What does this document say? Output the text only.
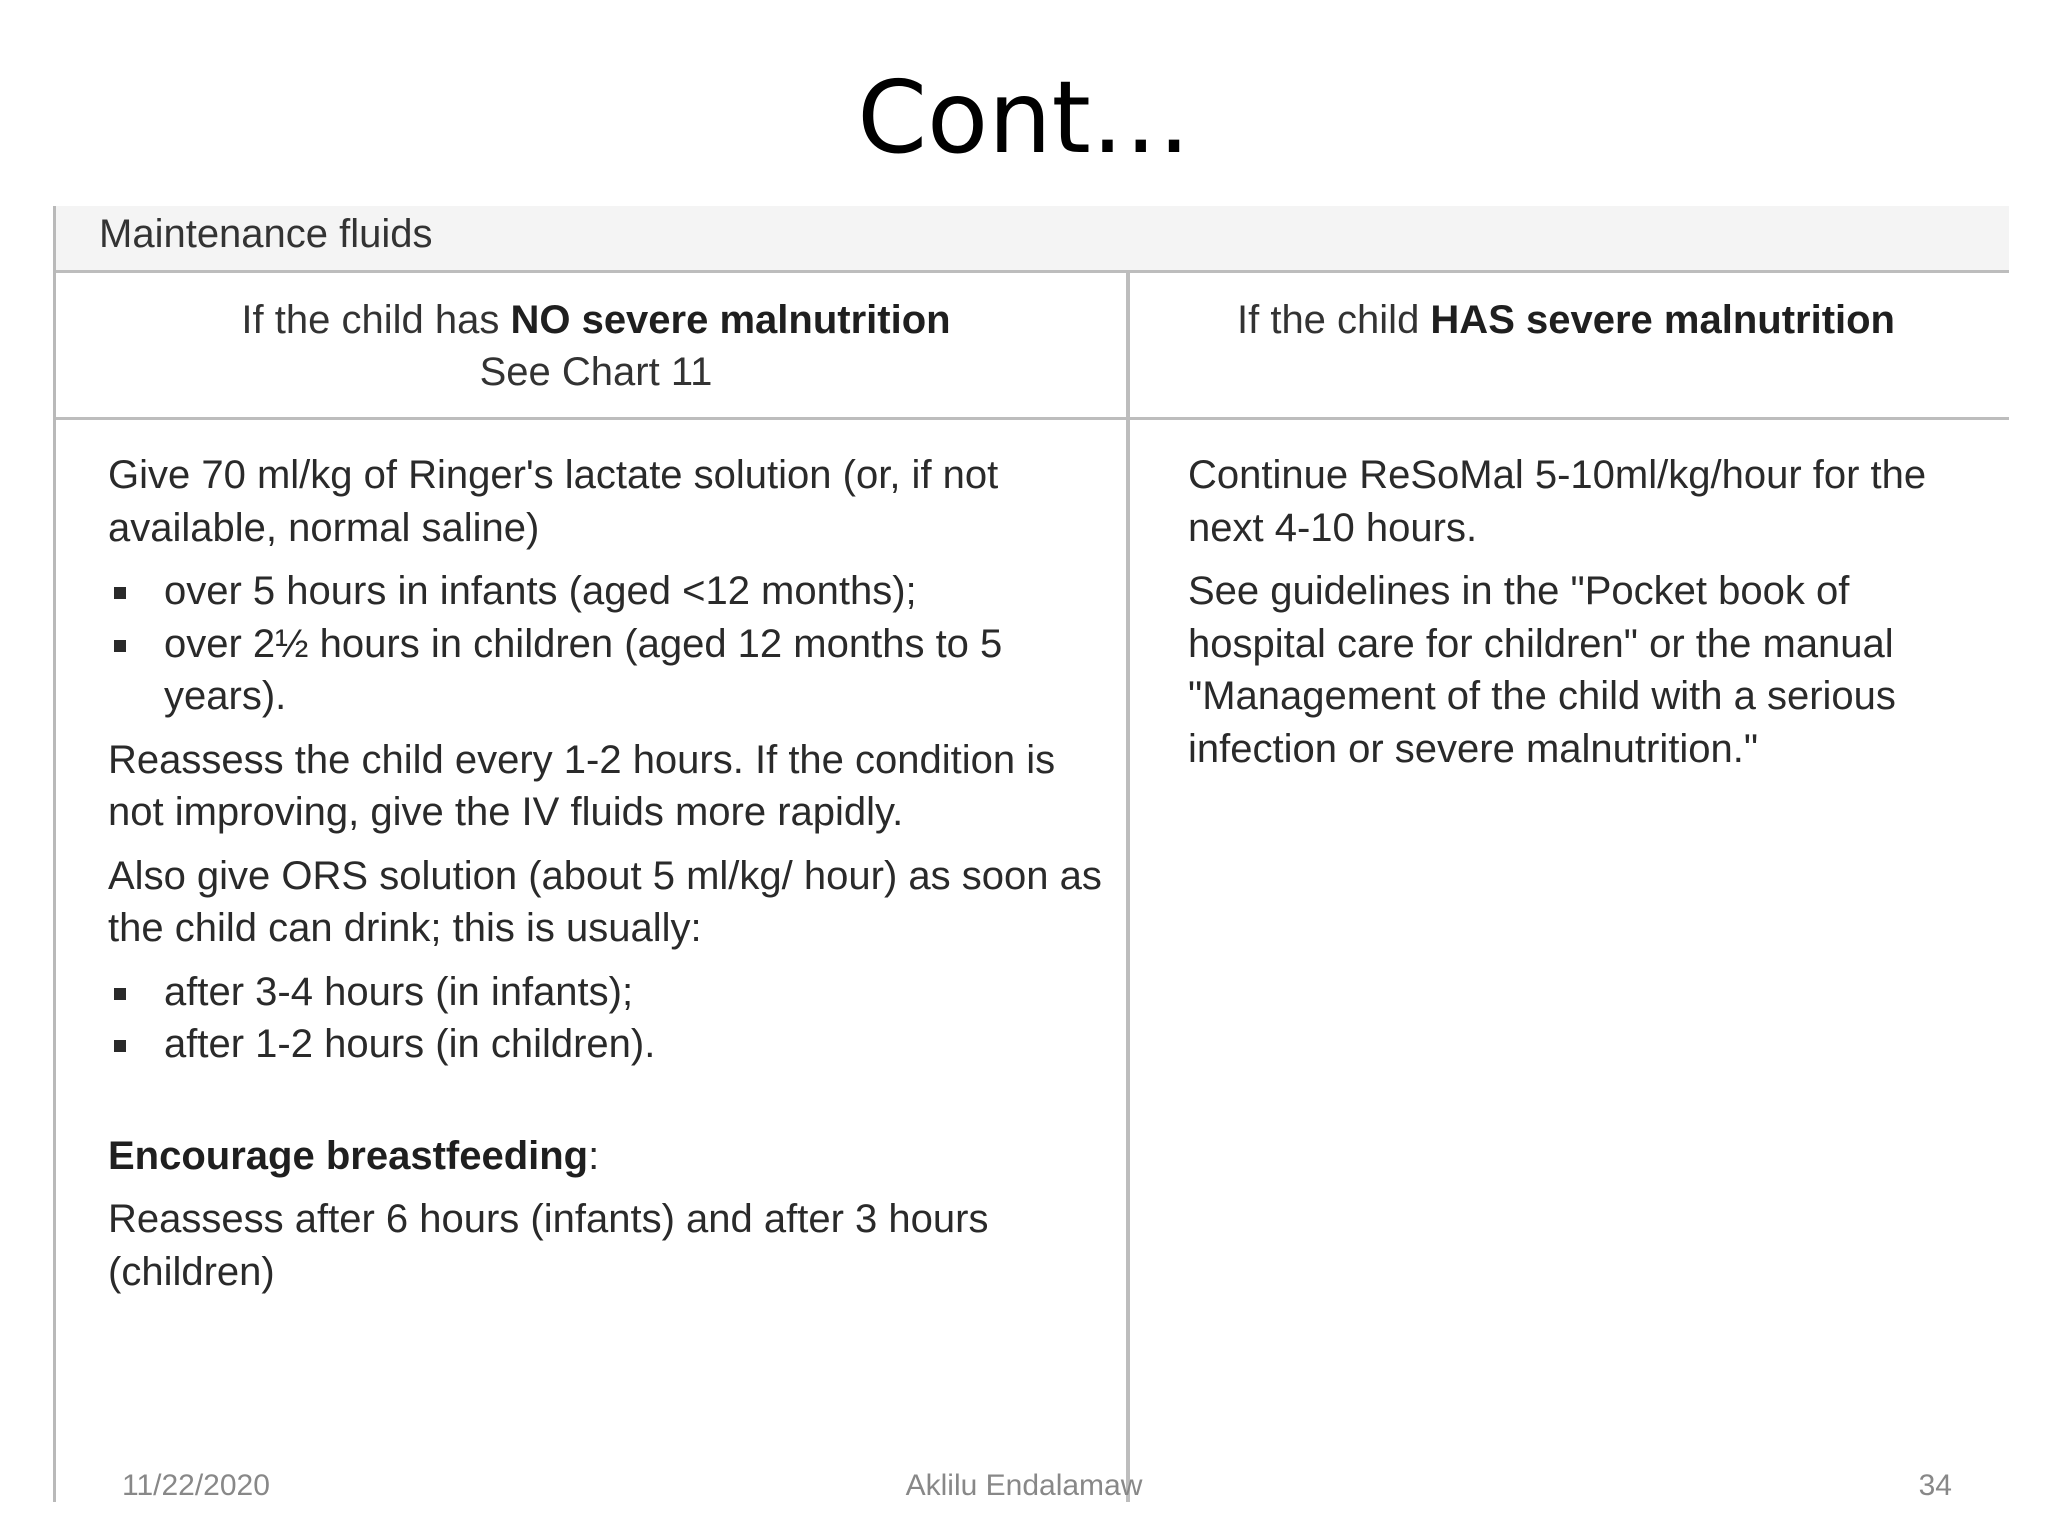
Cont…
Maintenance fluids
If the child has NO severe malnutrition
See Chart 11
If the child HAS severe malnutrition

Give 70 ml/kg of Ringer's lactate solution (or, if not available, normal saline)

over 5 hours in infants (aged <12 months);
over 2½ hours in children (aged 12 months to 5 years).

Reassess the child every 1-2 hours. If the condition is not improving, give the IV fluids more rapidly.

Also give ORS solution (about 5 ml/kg/ hour) as soon as the child can drink; this is usually:

after 3-4 hours (in infants);
after 1-2 hours (in children).

Encourage breastfeeding:

Reassess after 6 hours (infants) and after 3 hours (children)

Continue ReSoMal 5-10ml/kg/hour for the next 4-10 hours.

See guidelines in the "Pocket book of hospital care for children" or the manual "Management of the child with a serious infection or severe malnutrition."

11/22/2020	Aklilu Endalamaw	34
